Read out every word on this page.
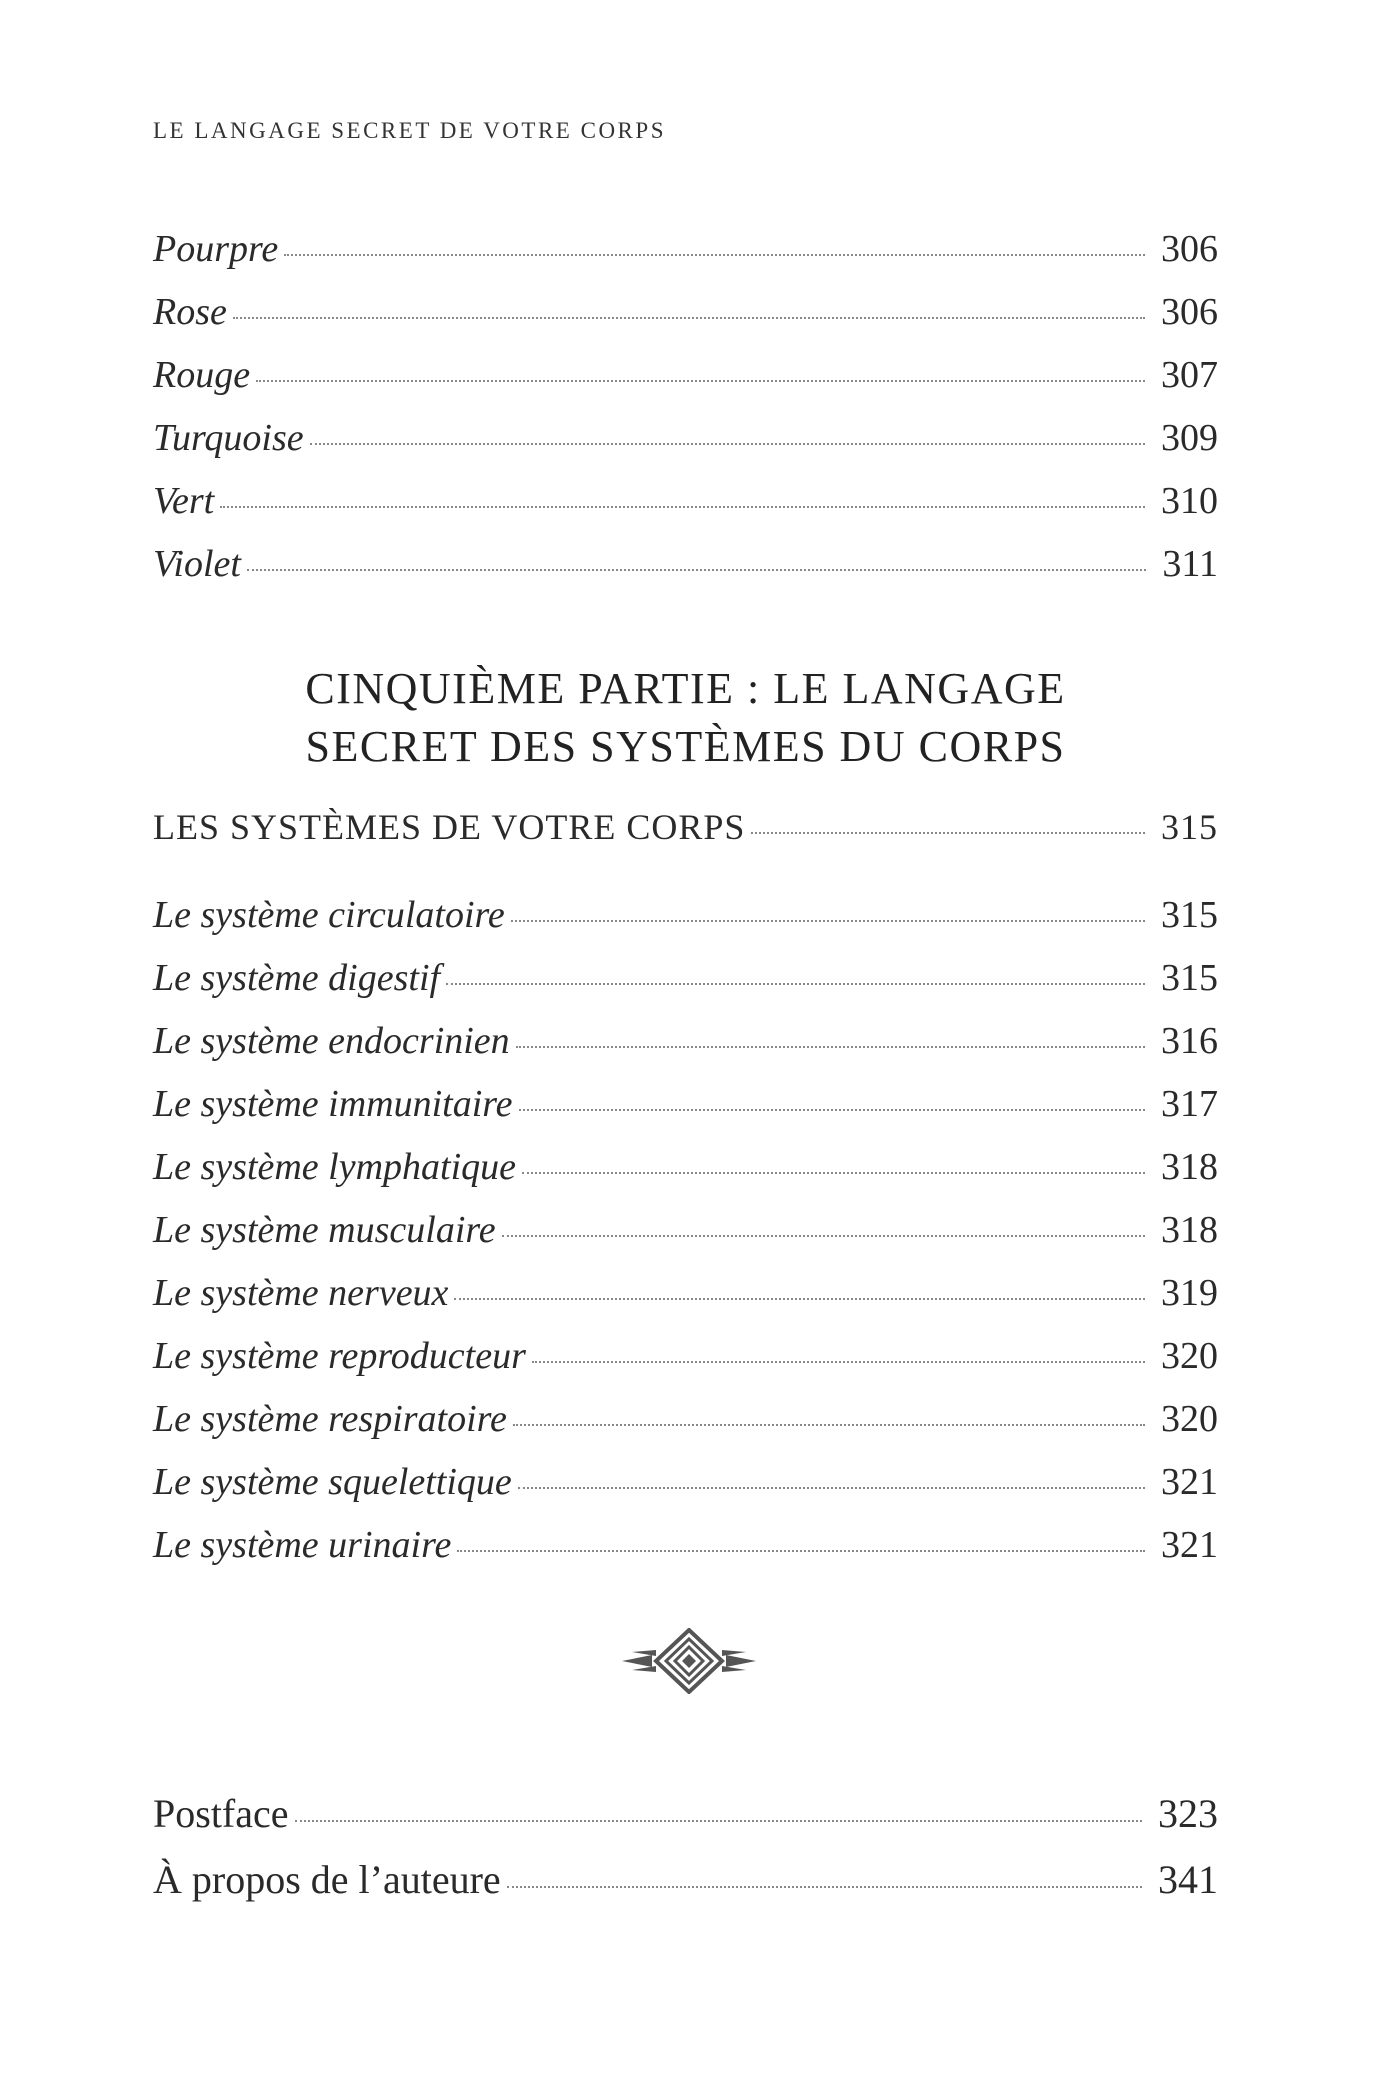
LE LANGAGE SECRET DE VOTRE CORPS
Pourpre	306
Rose	306
Rouge	307
Turquoise	309
Vert	310
Violet	311
CINQUIÈME PARTIE : LE LANGAGE
SECRET DES SYSTÈMES DU CORPS
LES SYSTÈMES DE VOTRE CORPS	315
Le système circulatoire	315
Le système digestif	315
Le système endocrinien	316
Le système immunitaire	317
Le système lymphatique	318
Le système musculaire	318
Le système nerveux	319
Le système reproducteur	320
Le système respiratoire	320
Le système squelettique	321
Le système urinaire	321
Postface	323
À propos de l’auteure	341
